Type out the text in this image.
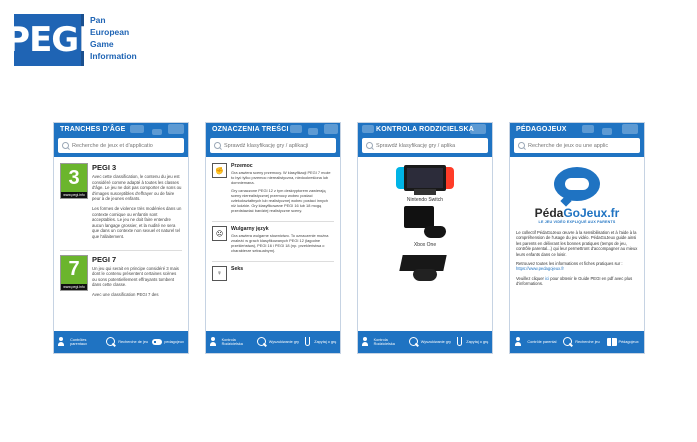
PEGI Pan
European
Game
Information
TRANCHES D'ÂGE
Recherche de jeux et d'applicatio
3
www.pegi.info
PEGI 3

Avec cette classification, le contenu du jeu est considéré comme adapté à toutes les classes d'âge. Le jeu ne doit pas comporter de sons ou d'images susceptibles d'effrayer ou de faire peur à de jeunes enfants.

Les formes de violence très modérées dans un contexte comique ou enfantin sont acceptables. Le jeu ne doit faire entendre aucun langage grossier, et la nudité ne sera que dans un contexte non sexuel et naturel tel que l'allaitement.

7
www.pegi.info
PEGI 7

Un jeu qui serait en principe considéré 3 mais dont le contenu présentent certaines scènes ou sons potentiellement effrayants tombent dans cette classe.

Avec une classification PEGI 7 des

Contrôles parentaux
Recherche de jeu	pedagojeux
OZNACZENIA TREŚCI
Sprawdź klasyfikację gry / aplikacji
✊
Przemoc

Gra zawiera sceny przemocy. W klasyfikacji PEGI 7 może to być tylko przemoc nierealistyczna, niedookreślona lub domniemana.

Gry oznaczone PEGI 12 z tym deskryptorem zawierają sceny nierealistycznej przemocy wobec postaci człekokształtnych lub realistycznej wobec postaci innych niż ludzkie. Gry klasyfikowane PEGI 16 lub 18 mogą przedstawiać bardziej realistyczne sceny.

☹
Wulgarny język

Gra zawiera wulgarne słownictwo. To oznaczenie można znaleźć w grach klasyfikowanych PEGI 12 (łagodne przekleństwa), PEGI 16 i PEGI 18 (np. przekleństwa o charakterze seksualnym).

♀
Seks
Kontrola Rodzicielska
Wyszukiwanie gry	Zapytaj o grę
KONTROLA RODZICIELSKA
Sprawdź klasyfikację gry / aplika
Nintendo Switch
Xbox One
Kontrola Rodzicielska
Wyszukiwanie gry	Zapytaj o grę
PÉDAGOJEUX
Recherche de jeux ou une applic
PédaGoJeux.fr
LE JEU VIDÉO EXPLIQUÉ AUX PARENTS

Le collectif PédaGoJeux œuvre à la sensibilisation et à l'aide à la compréhension de l'usage du jeu vidéo. PédaGoJeux guide ainsi les parents en délivrant les bonnes pratiques (temps de jeu, contrôle parental...) qui leur permettront d'accompagner au mieux leurs enfants dans ce loisir.

Retrouvez toutes les informations et fiches pratiques sur : https://www.pedagojeux.fr

Veuillez cliquer ici pour obtenir le Guide PEGI en pdf avec plus d'informations.

Contrôle parental	Recherche jeu	Pédagojeux
